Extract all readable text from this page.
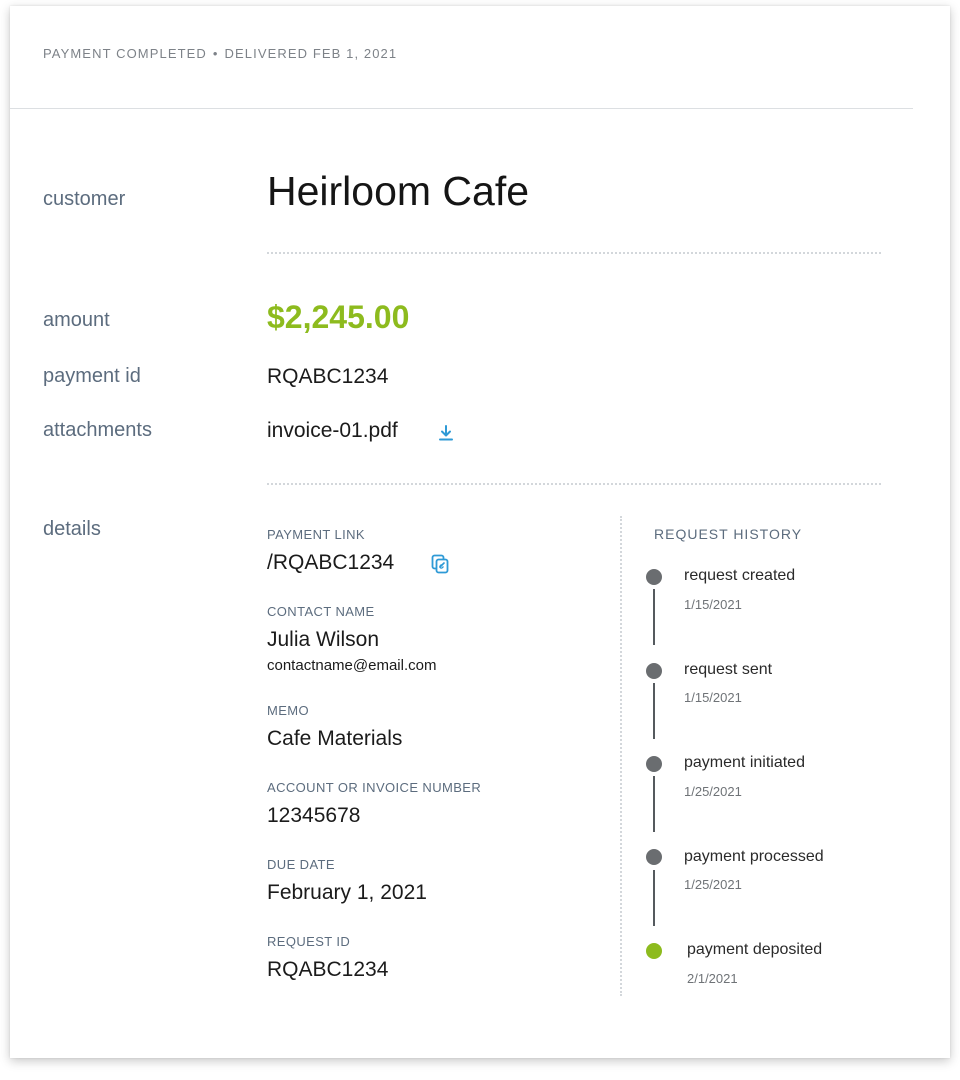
PAYMENT COMPLETED • DELIVERED FEB 1, 2021
customer	Heirloom Cafe
amount	$2,245.00
payment id	RQABC1234
attachments	invoice-01.pdf
details	PAYMENT LINK
/RQABC1234
CONTACT NAME
Julia Wilson
contactname@email.com
MEMO
Cafe Materials
ACCOUNT OR INVOICE NUMBER
12345678
DUE DATE
February 1, 2021
REQUEST ID
RQABC1234
REQUEST HISTORY
request created
1/15/2021
request sent
1/15/2021
payment initiated
1/25/2021
payment processed
1/25/2021
payment deposited
2/1/2021
